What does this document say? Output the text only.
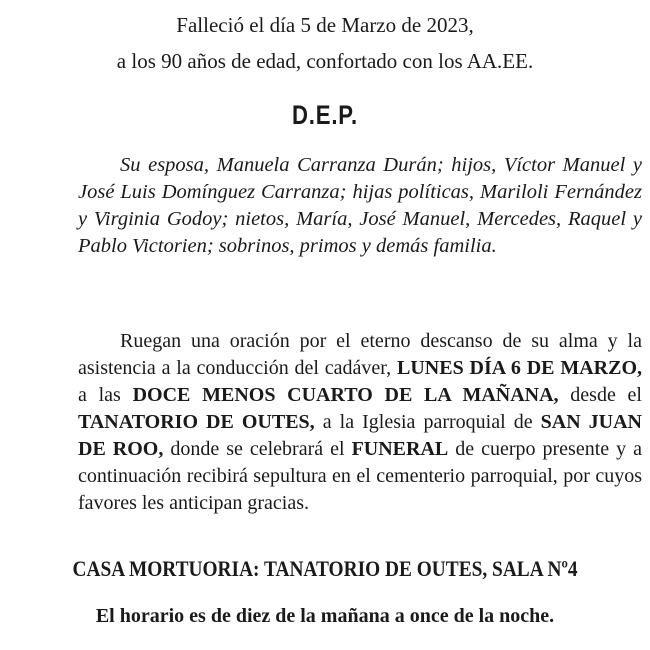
Falleció el día 5 de Marzo de 2023,
a los 90 años de edad, confortado con los AA.EE.
D.E.P.
Su esposa, Manuela Carranza Durán; hijos, Víctor Manuel y José Luis Domínguez Carranza; hijas políticas, Mariloli Fernández y Virginia Godoy; nietos, María, José Manuel, Mercedes, Raquel y Pablo Victorien; sobrinos, primos y demás familia.
Ruegan una oración por el eterno descanso de su alma y la asistencia a la conducción del cadáver, LUNES DÍA 6 DE MARZO, a las DOCE MENOS CUARTO DE LA MAÑANA, desde el TANATORIO DE OUTES, a la Iglesia parroquial de SAN JUAN DE ROO, donde se celebrará el FUNERAL de cuerpo presente y a continuación recibirá sepultura en el cementerio parroquial, por cuyos favores les anticipan gracias.
CASA MORTUORIA: TANATORIO DE OUTES, SALA Nº4
El horario es de diez de la mañana a once de la noche.
